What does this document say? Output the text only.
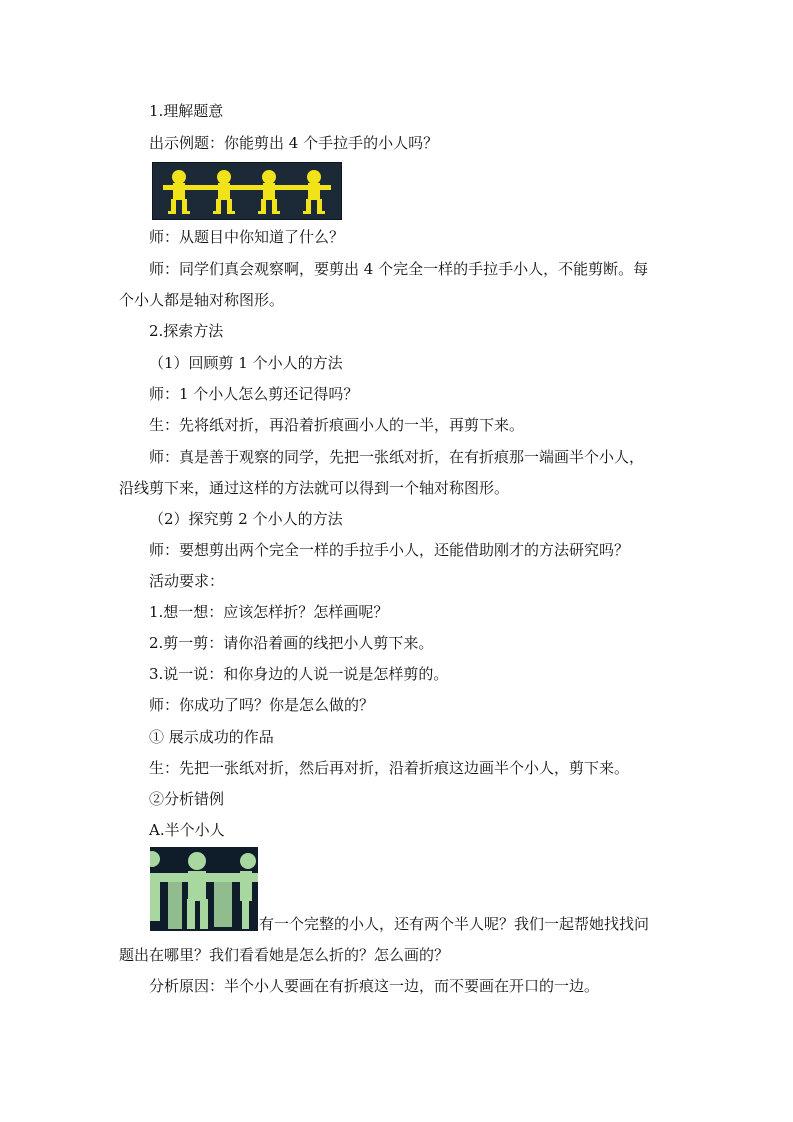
1.理解题意
出示例题：你能剪出 4 个手拉手的小人吗？
师：从题目中你知道了什么？
师：同学们真会观察啊，要剪出 4 个完全一样的手拉手小人，不能剪断。每
个小人都是轴对称图形。
2.探索方法
（1）回顾剪 1 个小人的方法
师：1 个小人怎么剪还记得吗？
生：先将纸对折，再沿着折痕画小人的一半，再剪下来。
师：真是善于观察的同学，先把一张纸对折，在有折痕那一端画半个小人，
沿线剪下来，通过这样的方法就可以得到一个轴对称图形。
（2）探究剪 2 个小人的方法
师：要想剪出两个完全一样的手拉手小人，还能借助刚才的方法研究吗？
活动要求：
1.想一想：应该怎样折？怎样画呢？
2.剪一剪：请你沿着画的线把小人剪下来。
3.说一说：和你身边的人说一说是怎样剪的。
师：你成功了吗？你是怎么做的？
① 展示成功的作品
生：先把一张纸对折，然后再对折，沿着折痕这边画半个小人，剪下来。
②分析错例
A.半个小人
有一个完整的小人，还有两个半人呢？我们一起帮她找找问
题出在哪里？我们看看她是怎么折的？怎么画的？
分析原因：半个小人要画在有折痕这一边，而不要画在开口的一边。
